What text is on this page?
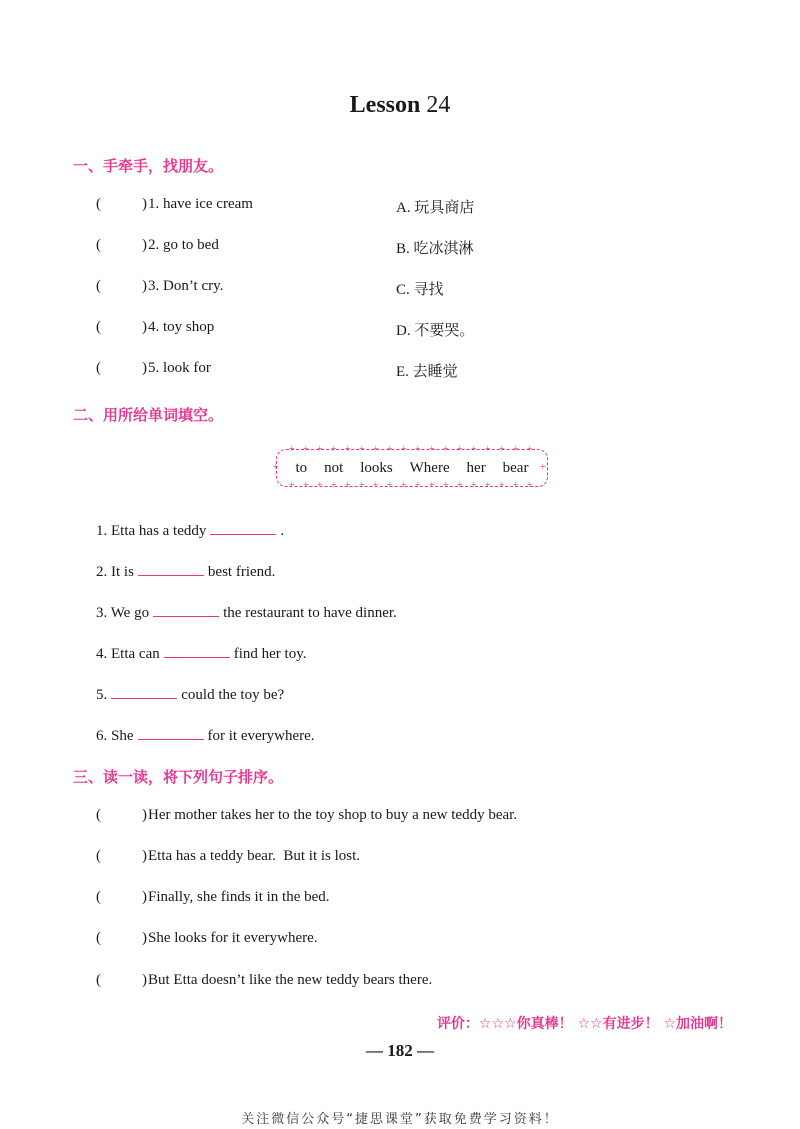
Lesson 24
一、手牵手，找朋友。
(	) 1. have ice cream	A. 玩具商店
(	) 2. go to bed	B. 吃冰淇淋
(	) 3. Don’t cry.	C. 寻找
(	) 4. toy shop	D. 不要哭。
(	) 5. look for	E. 去睡觉
二、用所给单词填空。
to not looks Where her bear
+
+
+
+
+
+
+
+
+
+
+
+
+
+
+
+
+
+
+
+
+
+
+
+
+
+
+
+
+
+
+
+
+
+
+
+
+	+
1. Etta has a teddy	.
2. It is	best friend.
3. We go	the restaurant to have dinner.
4. Etta can	find her toy.
5.	could the toy be?
6. She	for it everywhere.
三、读一读，将下列句子排序。
(	) Her mother takes her to the toy shop to buy a new teddy bear.
(	) Etta has a teddy bear.  But it is lost.
(	) Finally, she finds it in the bed.
(	) She looks for it everywhere.
(	) But Etta doesn’t like the new teddy bears there.
评价：☆☆☆你真棒！ ☆☆有进步！ ☆加油啊！
— 182 —
关注微信公众号“捷思课堂”获取免费学习资料！
